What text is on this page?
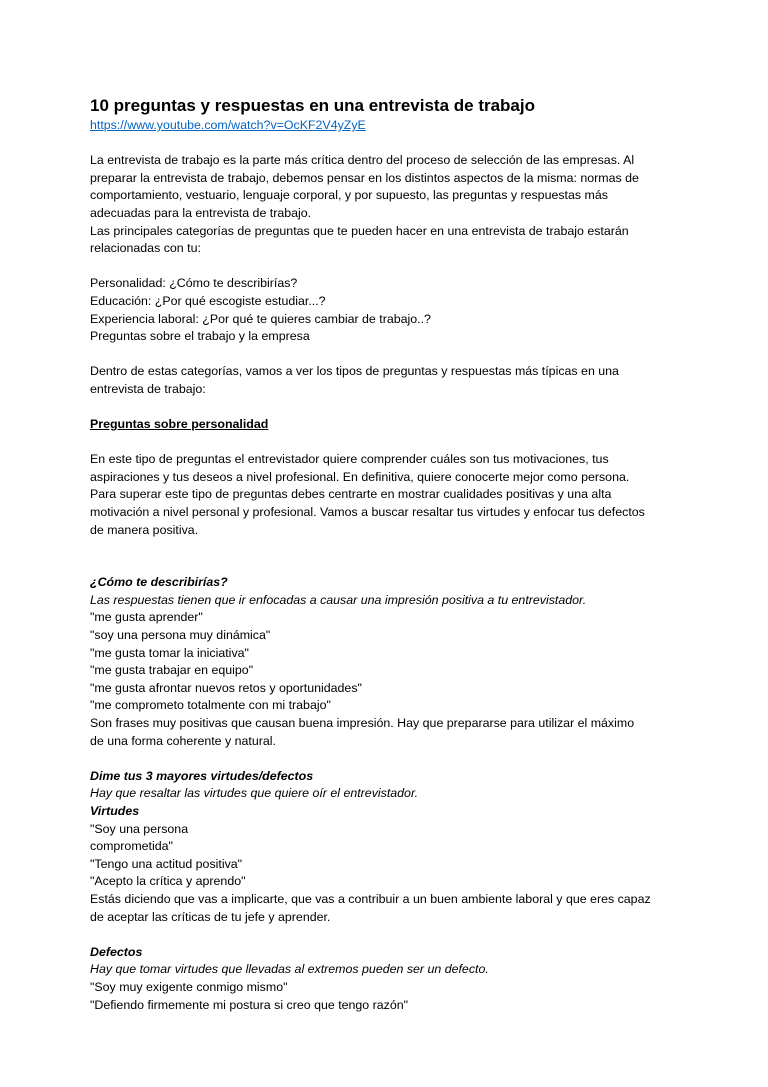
10 preguntas y respuestas en una entrevista de trabajo
https://www.youtube.com/watch?v=OcKF2V4yZyE
La entrevista de trabajo es la parte más crítica dentro del proceso de selección de las empresas. Al
preparar la entrevista de trabajo, debemos pensar en los distintos aspectos de la misma: normas de
comportamiento, vestuario, lenguaje corporal, y por supuesto, las preguntas y respuestas más
adecuadas para la entrevista de trabajo.
Las principales categorías de preguntas que te pueden hacer en una entrevista de trabajo estarán
relacionadas con tu:
Personalidad: ¿Cómo te describirías?
Educación: ¿Por qué escogiste estudiar...?
Experiencia laboral: ¿Por qué te quieres cambiar de trabajo..?
Preguntas sobre el trabajo y la empresa
Dentro de estas categorías, vamos a ver los tipos de preguntas y respuestas más típicas en una
entrevista de trabajo:
Preguntas sobre personalidad
En este tipo de preguntas el entrevistador quiere comprender cuáles son tus motivaciones, tus
aspiraciones y tus deseos a nivel profesional. En definitiva, quiere conocerte mejor como persona.
Para superar este tipo de preguntas debes centrarte en mostrar cualidades positivas y una alta
motivación a nivel personal y profesional. Vamos a buscar resaltar tus virtudes y enfocar tus defectos
de manera positiva.
¿Cómo te describirías?
Las respuestas tienen que ir enfocadas a causar una impresión positiva a tu entrevistador.
"me gusta aprender"
"soy una persona muy dinámica"
"me gusta tomar la iniciativa"
"me gusta trabajar en equipo"
"me gusta afrontar nuevos retos y oportunidades"
"me comprometo totalmente con mi trabajo"
Son frases muy positivas que causan buena impresión. Hay que prepararse para utilizar el máximo
de una forma coherente y natural.
Dime tus 3 mayores virtudes/defectos
Hay que resaltar las virtudes que quiere oír el entrevistador.
Virtudes
"Soy una persona
comprometida"
"Tengo una actitud positiva"
"Acepto la crítica y aprendo"
Estás diciendo que vas a implicarte, que vas a contribuir a un buen ambiente laboral y que eres capaz
de aceptar las críticas de tu jefe y aprender.
Defectos
Hay que tomar virtudes que llevadas al extremos pueden ser un defecto.
"Soy muy exigente conmigo mismo"
"Defiendo firmemente mi postura si creo que tengo razón"
